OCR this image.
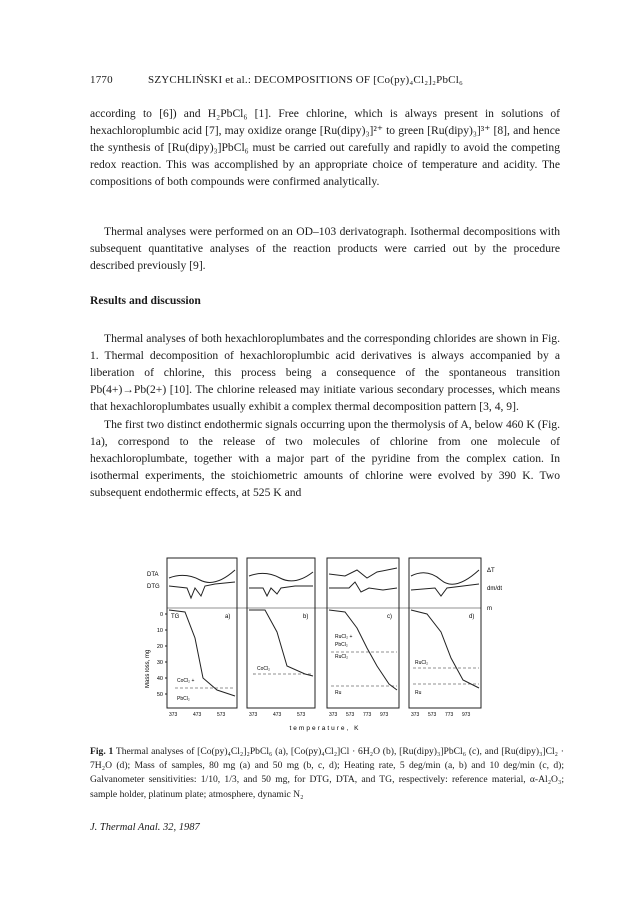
1770	SZYCHLIŃSKI et al.: DECOMPOSITIONS OF [Co(py)₄Cl₂]₂PbCl₆

according to [6]) and H₂PbCl₆ [1]. Free chlorine, which is always present in solutions of hexachloroplumbic acid [7], may oxidize orange [Ru(dipy)₃]²⁺ to green [Ru(dipy)₃]³⁺ [8], and hence the synthesis of [Ru(dipy)₃]PbCl₆ must be carried out carefully and rapidly to avoid the competing redox reaction. This was accomplished by an appropriate choice of temperature and acidity. The compositions of both compounds were confirmed analytically.

Thermal analyses were performed on an OD–103 derivatograph. Isothermal decompositions with subsequent quantitative analyses of the reaction products were carried out by the procedure described previously [9].

Results and discussion

Thermal analyses of both hexachloroplumbates and the corresponding chlorides are shown in Fig. 1. Thermal decomposition of hexachloroplumbic acid derivatives is always accompanied by a liberation of chlorine, this process being a consequence of the spontaneous transition Pb(4+)→Pb(2+) [10]. The chlorine released may initiate various secondary processes, which means that hexachloroplumbates usually exhibit a complex thermal decomposition pattern [3, 4, 9].

The first two distinct endothermic signals occurring upon the thermolysis of A, below 460 K (Fig. 1a), correspond to the release of two molecules of chlorine from one molecule of hexachloroplumbate, together with a major part of the pyridine from the complex cation. In isothermal experiments, the stoichiometric amounts of chlorine were evolved by 390 K. Two subsequent endothermic effects, at 525 K and

DTA
DTG
TG
ΔT
dm/dt
m
0
10
20
30
40
50
Mass loss, mg
a)	b)	c)	d)
CoCl₂ +
PbCl₂
CoCl₂
RuCl₂ +
PbCl₂
RuCl₂
Ru
RuCl₂
Ru
373	473	573	373	473	573	373 573 773 973	373 573 773 973
temperature, K
Fig. 1 Thermal analyses of [Co(py)₄Cl₂]₂PbCl₆ (a), [Co(py)₄Cl₂]Cl · 6H₂O (b), [Ru(dipy)₃]PbCl₆ (c), and [Ru(dipy)₃]Cl₂ · 7H₂O (d); Mass of samples, 80 mg (a) and 50 mg (b, c, d); Heating rate, 5 deg/min (a, b) and 10 deg/min (c, d); Galvanometer sensitivities: 1/10, 1/3, and 50 mg, for DTG, DTA, and TG, respectively: reference material, α-Al₂O₃; sample holder, platinum plate; atmosphere, dynamic N₂
J. Thermal Anal. 32, 1987
